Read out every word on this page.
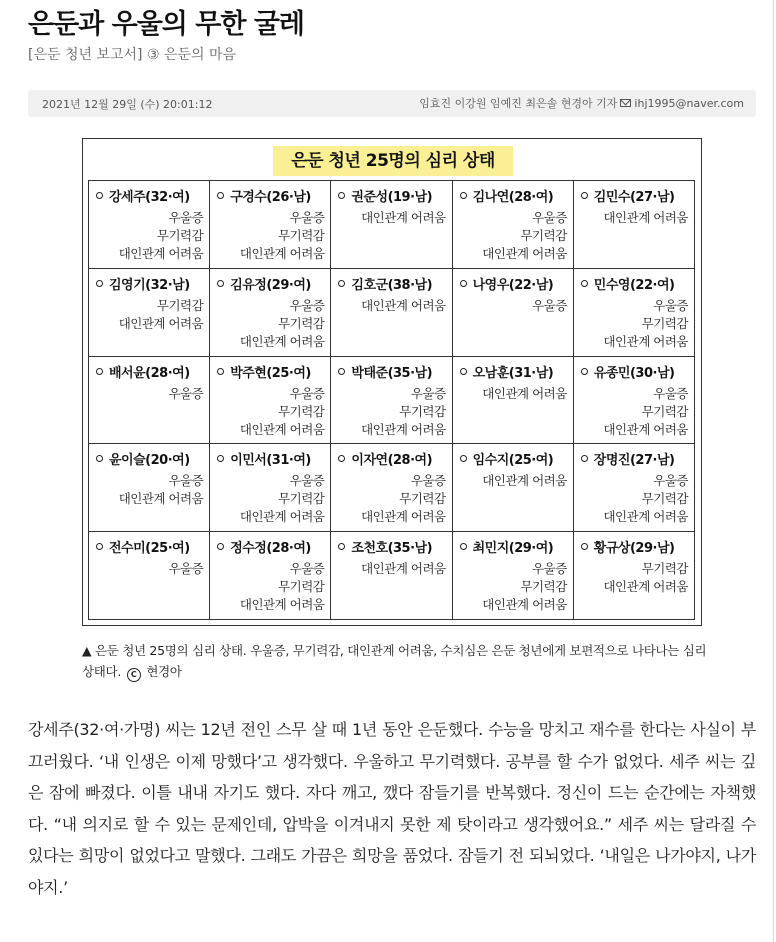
은둔과 우울의 무한 굴레
[은둔 청년 보고서] ③ 은둔의 마음
2021년 12월 29일 (수) 20:01:12	임효진 이강원 임예진 최은솔 현경아 기자 ihj1995@naver.com
은둔 청년 25명의 심리 상태
강세주(32·여)
우울증
무기력감
대인관계 어려움
구경수(26·남)
우울증
무기력감
대인관계 어려움
권준성(19·남)
대인관계 어려움
김나연(28·여)
우울증
무기력감
대인관계 어려움
김민수(27·남)
대인관계 어려움
김영기(32·남)
무기력감
대인관계 어려움
김유정(29·여)
우울증
무기력감
대인관계 어려움
김호군(38·남)
대인관계 어려움
나영우(22·남)
우울증
민수영(22·여)
우울증
무기력감
대인관계 어려움
배서윤(28·여)
우울증
박주현(25·여)
우울증
무기력감
대인관계 어려움
박태준(35·남)
우울증
무기력감
대인관계 어려움
오남훈(31·남)
대인관계 어려움
유종민(30·남)
우울증
무기력감
대인관계 어려움
윤이슬(20·여)
우울증
대인관계 어려움
이민서(31·여)
우울증
무기력감
대인관계 어려움
이자연(28·여)
우울증
무기력감
대인관계 어려움
임수지(25·여)
대인관계 어려움
장명진(27·남)
우울증
무기력감
대인관계 어려움
전수미(25·여)
우울증
정수정(28·여)
우울증
무기력감
대인관계 어려움
조천호(35·남)
대인관계 어려움
최민지(29·여)
우울증
무기력감
대인관계 어려움
황규상(29·남)
무기력감
대인관계 어려움
▲ 은둔 청년 25명의 심리 상태. 우울증, 무기력감, 대인관계 어려움, 수치심은 은둔 청년에게 보편적으로 나타나는 심리 상태다. C 현경아

강세주(32·여·가명) 씨는 12년 전인 스무 살 때 1년 동안 은둔했다. 수능을 망치고 재수를 한다는 사실이 부끄러웠다. ‘내 인생은 이제 망했다’고 생각했다. 우울하고 무기력했다. 공부를 할 수가 없었다. 세주 씨는 깊은 잠에 빠졌다. 이틀 내내 자기도 했다. 자다 깨고, 깼다 잠들기를 반복했다. 정신이 드는 순간에는 자책했다. “내 의지로 할 수 있는 문제인데, 압박을 이겨내지 못한 제 탓이라고 생각했어요.” 세주 씨는 달라질 수 있다는 희망이 없었다고 말했다. 그래도 가끔은 희망을 품었다. 잠들기 전 되뇌었다. ‘내일은 나가야지, 나가야지.’
